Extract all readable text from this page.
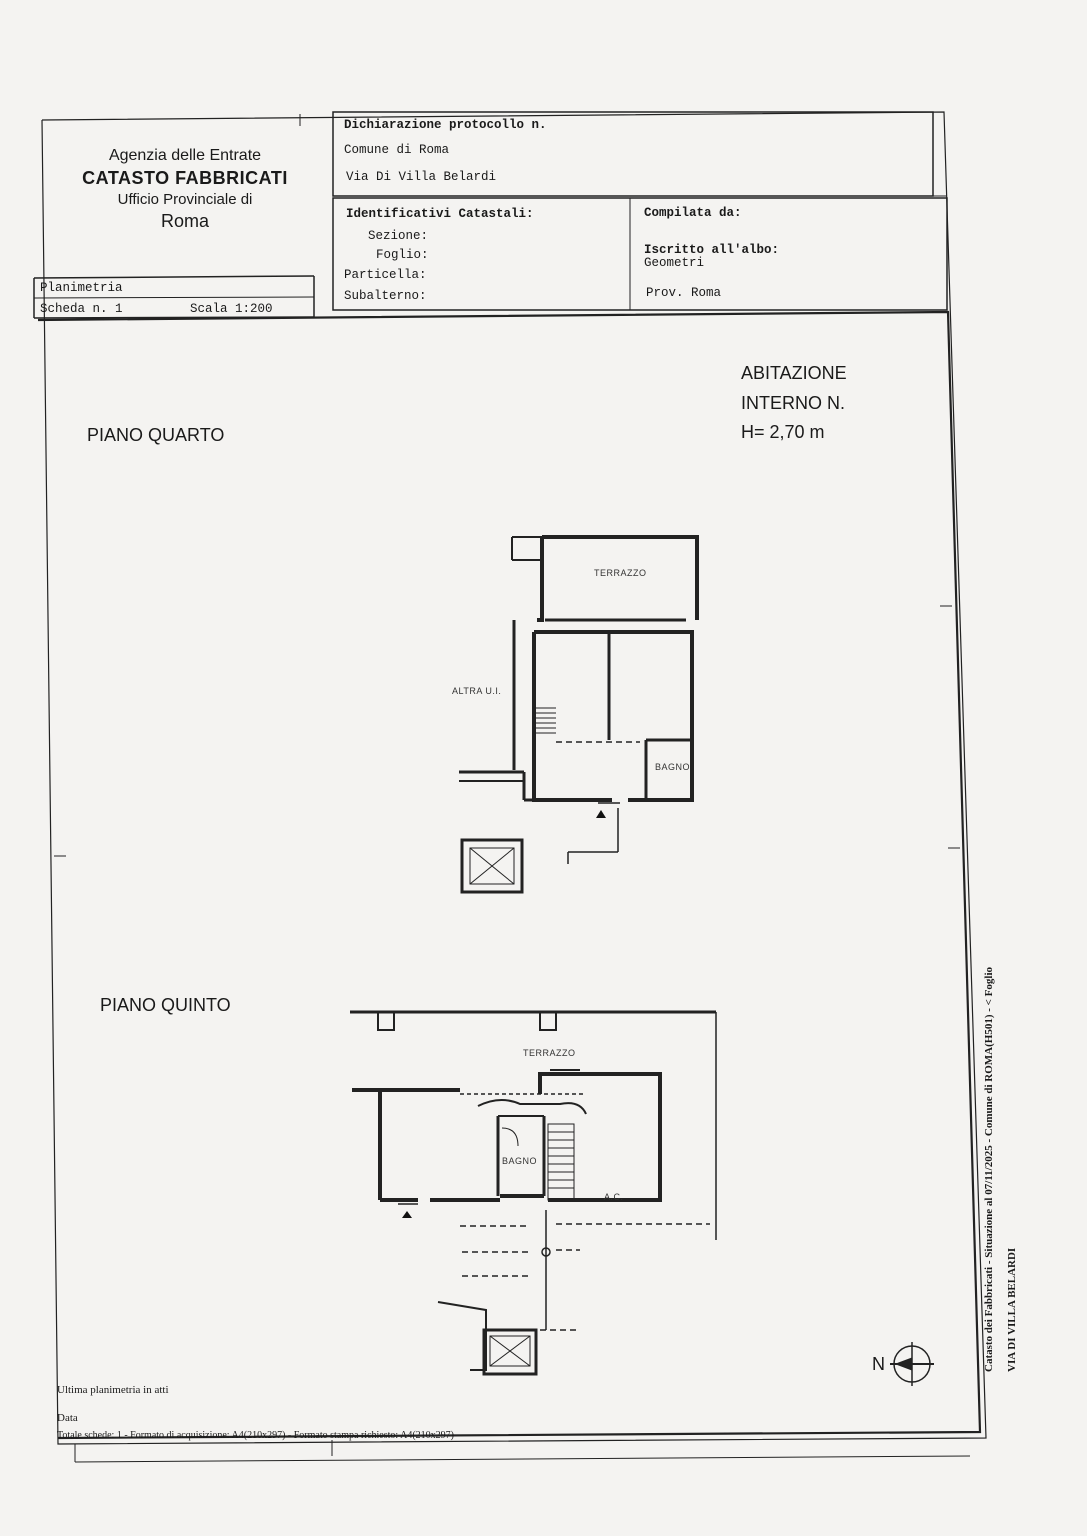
Agenzia delle Entrate
CATASTO FABBRICATI
Ufficio Provinciale di
Roma
Dichiarazione protocollo n.
Comune di Roma
Via Di Villa Belardi
Identificativi Catastali:
Sezione:
Foglio:
Particella:
Subalterno:
Compilata da:
Iscritto all'albo:
Geometri
Prov. Roma
Planimetria
Scheda n. 1	Scala 1:200
ABITAZIONE
INTERNO N.
H= 2,70 m
PIANO QUARTO
PIANO QUINTO
TERRAZZO
ALTRA U.I.
BAGNO
TERRAZZO
BAGNO
A.C.
N	Catasto dei Fabbricati - Situazione al 07/11/2025 - Comune di ROMA(H501) - < Foglio VIA DI VILLA BELARDI
Ultima planimetria in atti
Data
Totale schede: 1 - Formato di acquisizione: A4(210x297) - Formato stampa richiesto: A4(210x297)
